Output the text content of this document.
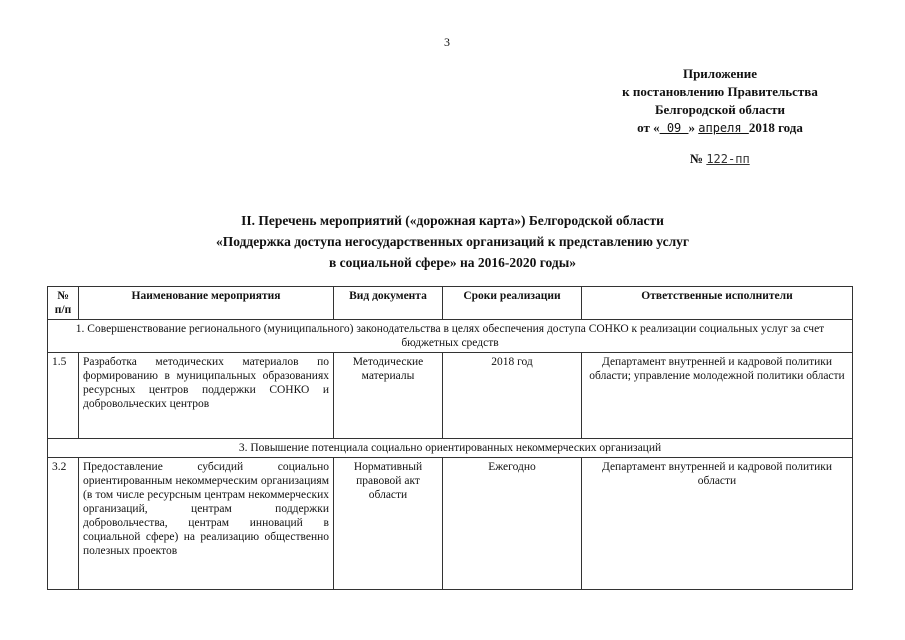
3
Приложение
к постановлению Правительства
Белгородской области
от « 09 » апреля 2018 года
№ 122-пп
II. Перечень мероприятий («дорожная карта») Белгородской области
«Поддержка доступа негосударственных организаций к представлению услуг
в социальной сфере» на 2016-2020 годы»
№ п/п	Наименование мероприятия	Вид документа	Сроки реализации	Ответственные исполнители
1. Совершенствование регионального (муниципального) законодательства в целях обеспечения доступа СОНКО к реализации социальных услуг за счет бюджетных средств				
1.5	Разработка методических материалов по формированию в муниципальных образованиях ресурсных центров поддержки СОНКО и добровольческих центров	Методические материалы	2018 год	Департамент внутренней и кадровой политики области; управление молодежной политики области
3. Повышение потенциала социально ориентированных некоммерческих организаций				
3.2	Предоставление субсидий социально ориентированным некоммерческим организациям (в том числе ресурсным центрам некоммерческих организаций, центрам поддержки добровольчества, центрам инноваций в социальной сфере) на реализацию общественно полезных проектов	Нормативный правовой акт области	Ежегодно	Департамент внутренней и кадровой политики области
